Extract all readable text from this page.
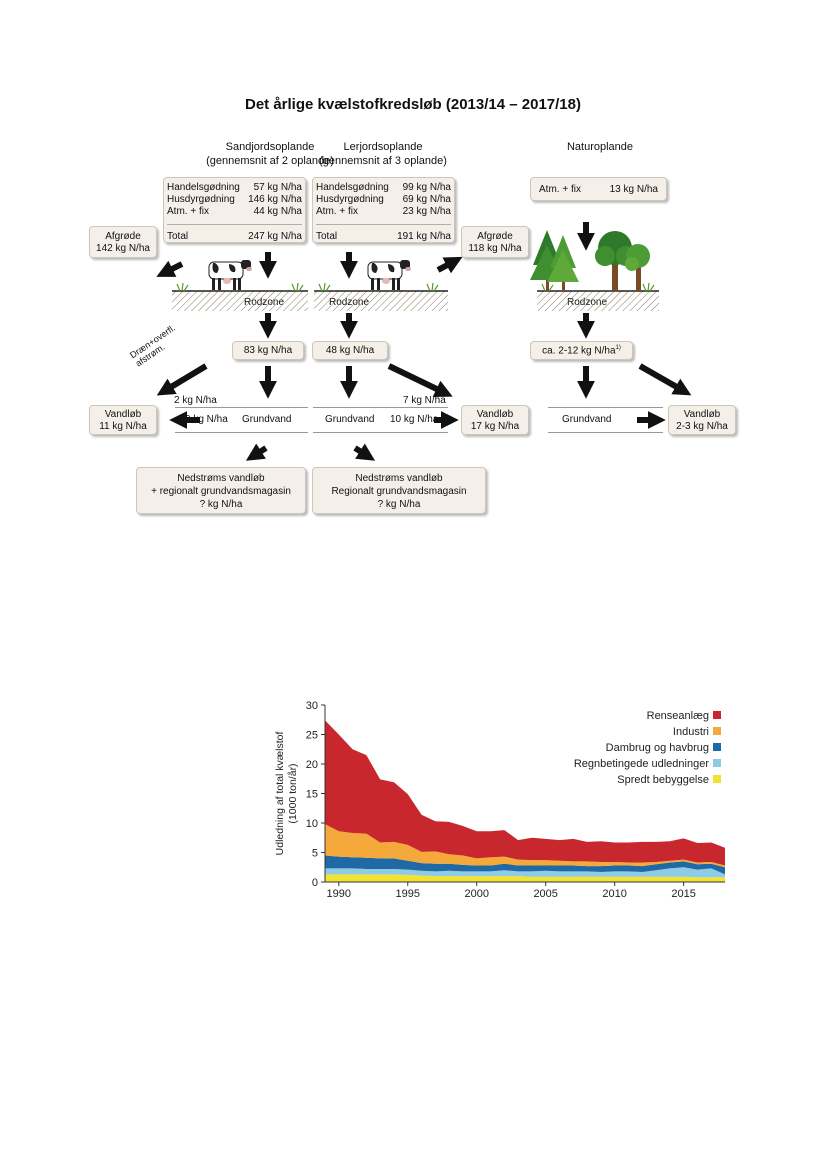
Det årlige kvælstofkredsløb (2013/14 – 2017/18)
Sandjordsoplande
(gennemsnit af 2 oplande)
Lerjordsoplande
(gennemsnit af 3 oplande)
Naturoplande
Handelsgødning 57 kg N/ha
Husdyrgødning 146 kg N/ha
Atm. + fix	44 kg N/ha
Total	247 kg N/ha
Handelsgødning 99 kg N/ha
Husdyrgødning 69 kg N/ha
Atm. + fix	23 kg N/ha
Total	191 kg N/ha
Atm. + fix	13 kg N/ha
Afgrøde
142 kg N/ha
Afgrøde
118 kg N/ha
83 kg N/ha	48 kg N/ha	ca. 2-12 kg $N/ha^{1)}$
Vandløb
11 kg N/ha
Vandløb
17 kg N/ha
Vandløb
2-3 kg N/ha
2 kg N/ha
9 kg N/ha Grundvand	Grundvand 10 kg N/ha
7 kg N/ha
Grundvand
Dræn+overfl. afstrøm.
Nedstrøms vandløb
+ regionalt grundvandsmagasin
? kg N/ha
Nedstrøms vandløb
Regionalt grundvandsmagasin
? kg N/ha
0
5
10
15
20
25
30
1990	1995	2000	2005	2010	2015
Udledning af total kvælstof (1000 ton/år)
Renseanlæg
Industri
Dambrug og havbrug
Regnbetingede udledninger
Spredt bebyggelse
